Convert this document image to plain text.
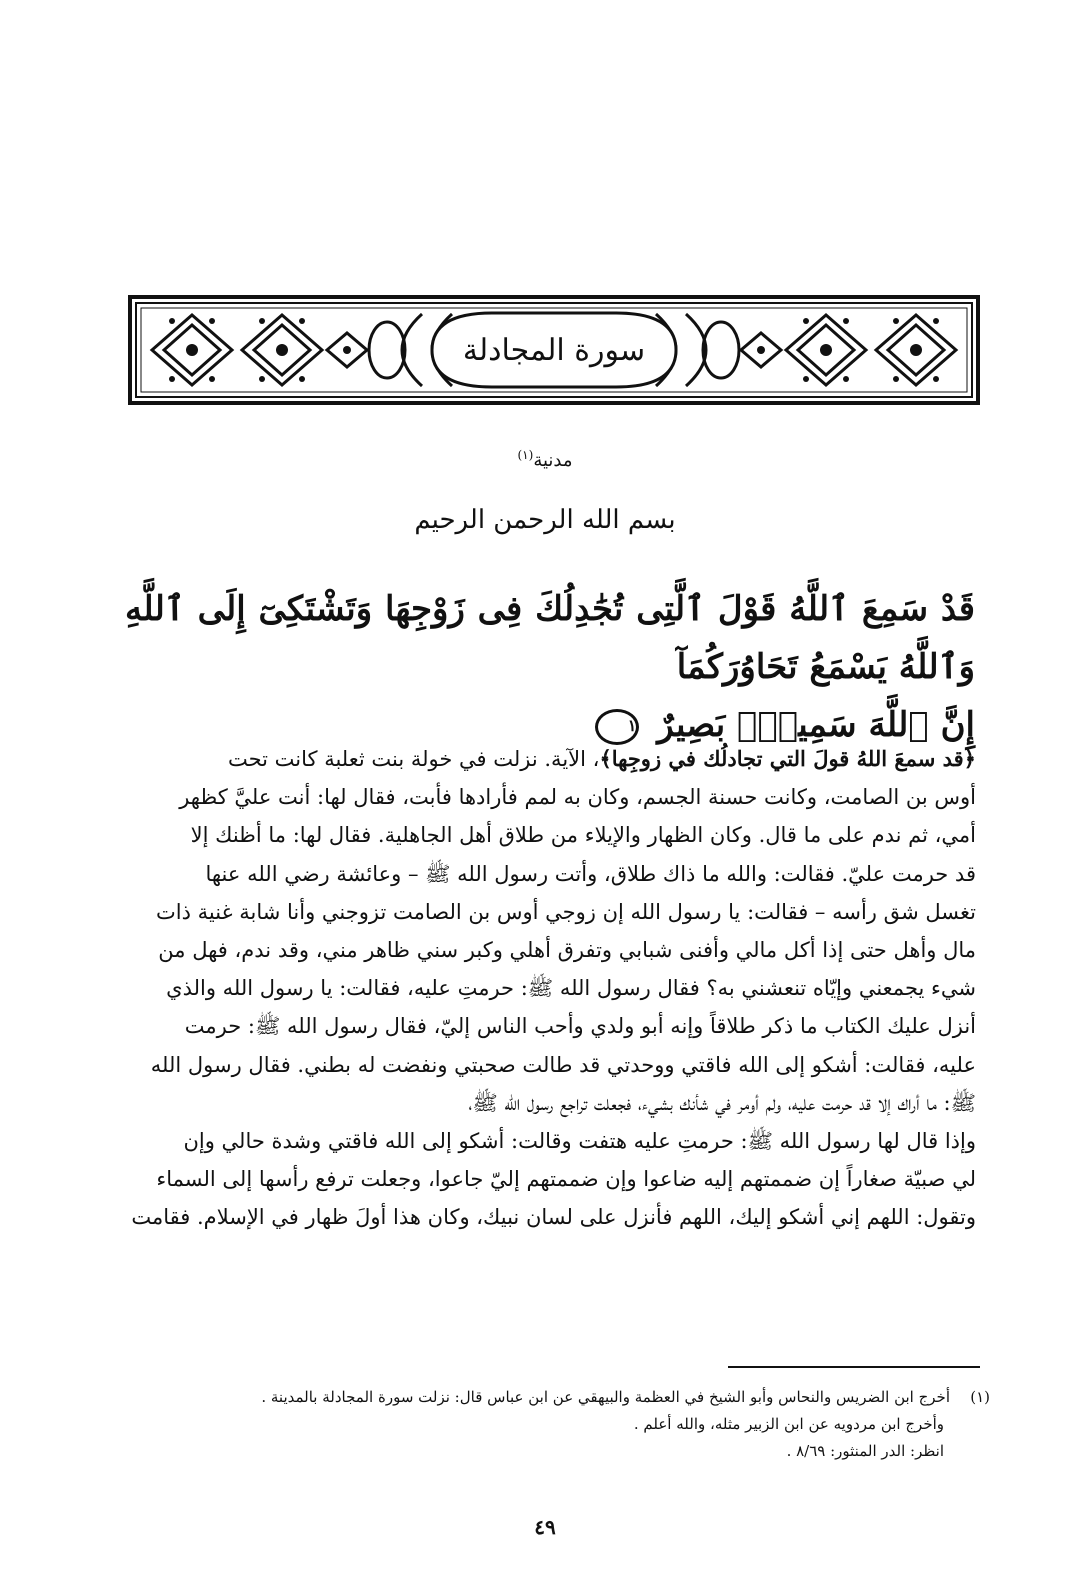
سورة المجادلة
مدنية$^{(١)}$
بسم الله الرحمن الرحيم
قَدْ سَمِعَ ٱللَّهُ قَوْلَ ٱلَّتِى تُجَٰدِلُكَ فِى زَوْجِهَا وَتَشْتَكِىٓ إِلَى ٱللَّهِ وَٱللَّهُ يَسْمَعُ تَحَاوُرَكُمَآ
إِنَّ ٱللَّهَ سَمِيعٌۢ بَصِيرٌ ١
﴿قد سمعَ اللهُ قولَ التي تجادلُك في زوجِها﴾، الآية. نزلت في خولة بنت ثعلبة كانت تحت
أوس بن الصامت، وكانت حسنة الجسم، وكان به لمم فأرادها فأبت، فقال لها: أنت عليَّ كظهر
أمي، ثم ندم على ما قال. وكان الظهار والإيلاء من طلاق أهل الجاهلية. فقال لها: ما أظنك إلا
قد حرمت عليّ. فقالت: والله ما ذاك طلاق، وأتت رسول الله ﷺ – وعائشة رضي الله عنها
تغسل شق رأسه – فقالت: يا رسول الله إن زوجي أوس بن الصامت تزوجني وأنا شابة غنية ذات
مال وأهل حتى إذا أكل مالي وأفنى شبابي وتفرق أهلي وكبر سني ظاهر مني، وقد ندم، فهل من
شيء يجمعني وإيّاه تنعشني به؟ فقال رسول الله ﷺ: حرمتِ عليه، فقالت: يا رسول الله والذي
أنزل عليك الكتاب ما ذكر طلاقاً وإنه أبو ولدي وأحب الناس إليّ، فقال رسول الله ﷺ: حرمت
عليه، فقالت: أشكو إلى الله فاقتي ووحدتي قد طالت صحبتي ونفضت له بطني. فقال رسول الله
ﷺ: ما أراك إلا قد حرمت عليه، ولم أومر في شأنك بشيء، فجعلت تراجع رسول الله ﷺ،
وإذا قال لها رسول الله ﷺ: حرمتِ عليه هتفت وقالت: أشكو إلى الله فاقتي وشدة حالي وإن
لي صبيّة صغاراً إن ضممتهم إليه ضاعوا وإن ضممتهم إليّ جاعوا، وجعلت ترفع رأسها إلى السماء
وتقول: اللهم إني أشكو إليك، اللهم فأنزل على لسان نبيك، وكان هذا أولَ ظهار في الإسلام. فقامت
(١)أخرج ابن الضريس والنحاس وأبو الشيخ في العظمة والبيهقي عن ابن عباس قال: نزلت سورة المجادلة بالمدينة .
وأخرج ابن مردويه عن ابن الزبير مثله، والله أعلم .
انظر: الدر المنثور: ٨/٦٩ .
٤٩
